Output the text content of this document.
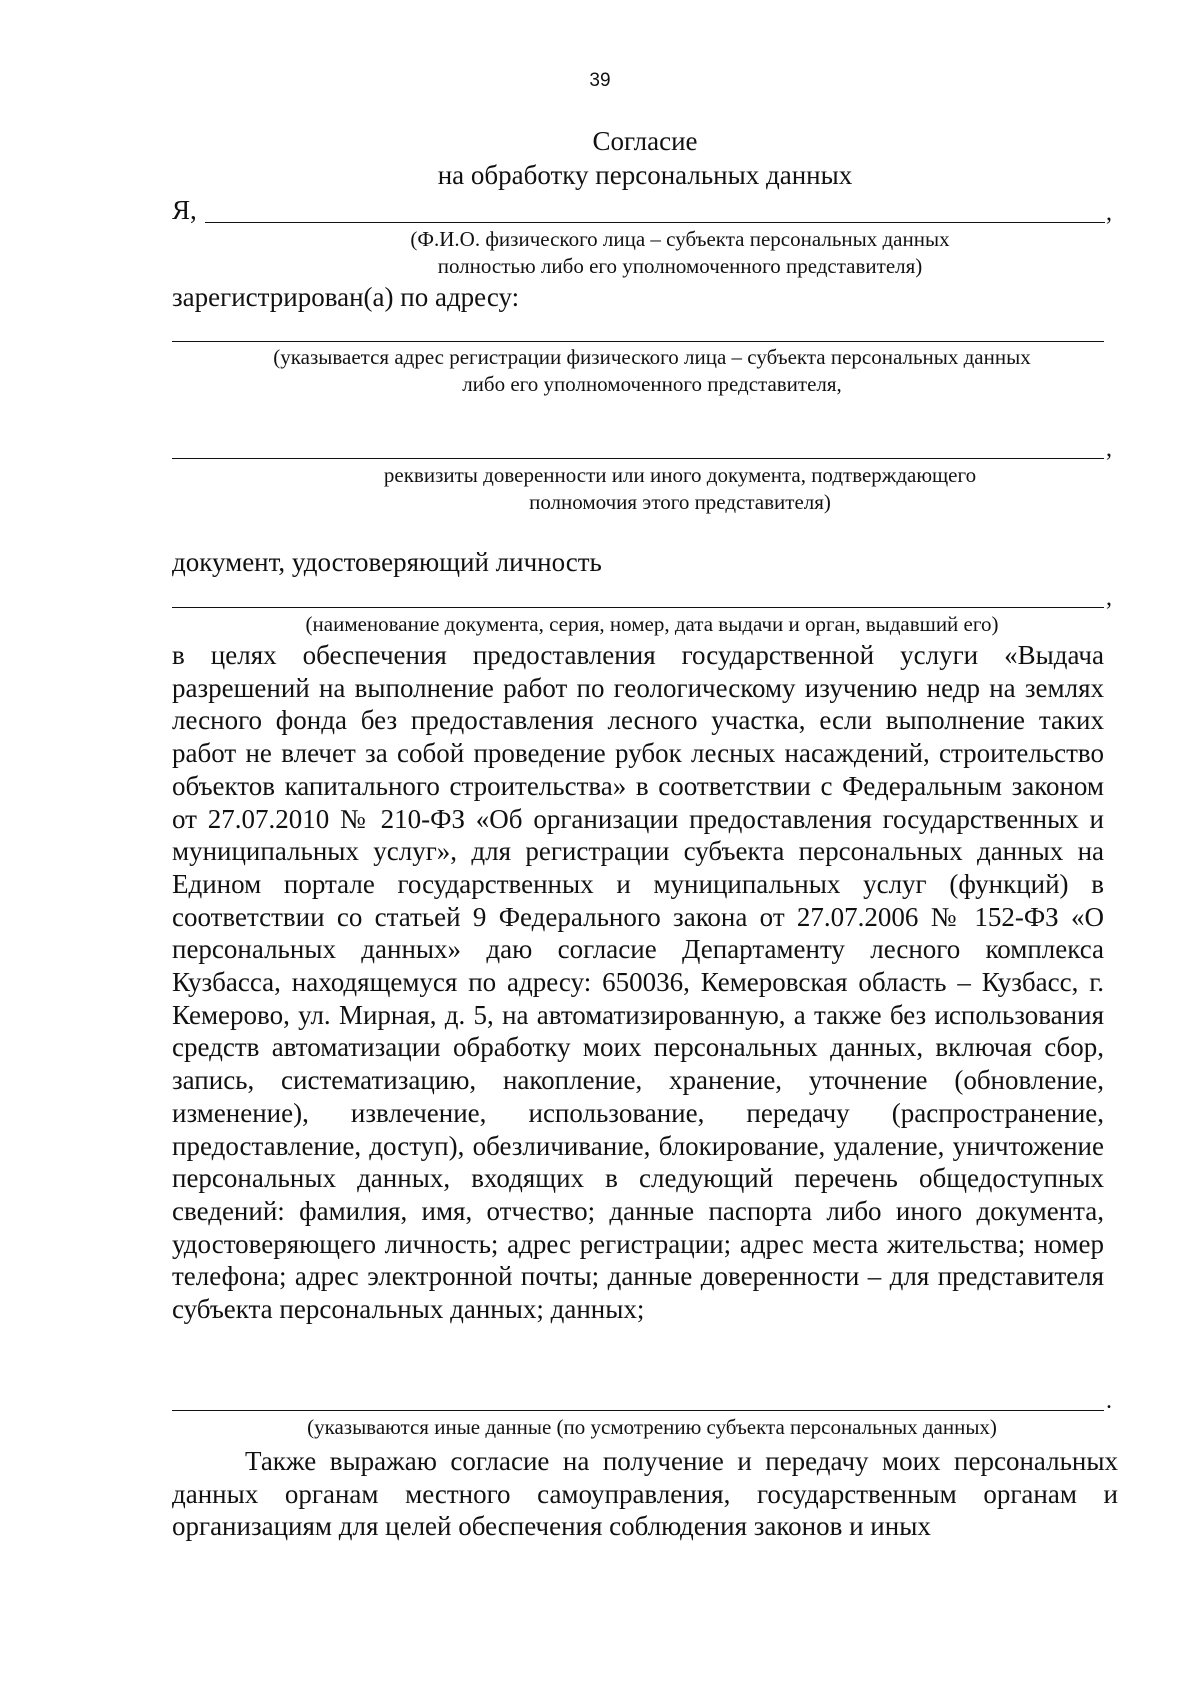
39
Согласие
на обработку персональных данных
Я,	,
(Ф.И.О. физического лица – субъекта персональных данных
полностью либо его уполномоченного представителя)
зарегистрирован(а) по адресу:
(указывается адрес регистрации физического лица – субъекта персональных данных
либо его уполномоченного представителя,
,
реквизиты доверенности или иного документа, подтверждающего
полномочия этого представителя)
документ, удостоверяющий личность
,
(наименование документа, серия, номер, дата выдачи и орган, выдавший его)

в целях обеспечения предоставления государственной услуги «Выдача разрешений на выполнение работ по геологическому изучению недр на землях лесного фонда без предоставления лесного участка, если выполнение таких работ не влечет за собой проведение рубок лесных насаждений, строительство объектов капитального строительства» в соответствии с Федеральным законом от 27.07.2010 № 210-ФЗ «Об организации предоставления государственных и муниципальных услуг», для регистрации субъекта персональных данных на Едином портале государственных и муниципальных услуг (функций) в соответствии со статьей 9 Федерального закона от 27.07.2006 № 152-ФЗ «О персональных данных» даю согласие Департаменту лесного комплекса Кузбасса, находящемуся по адресу: 650036, Кемеровская область – Кузбасс, г. Кемерово, ул. Мирная, д. 5, на автоматизированную, а также без использования средств автоматизации обработку моих персональных данных, включая сбор, запись, систематизацию, накопление, хранение, уточнение (обновление, изменение), извлечение, использование, передачу (распространение, предоставление, доступ), обезличивание, блокирование, удаление, уничтожение персональных данных, входящих в следующий перечень общедоступных сведений: фамилия, имя, отчество; данные паспорта либо иного документа, удостоверяющего личность; адрес регистрации; адрес места жительства; номер телефона; адрес электронной почты; данные доверенности – для представителя субъекта персональных данных; данных;

.
(указываются иные данные (по усмотрению субъекта персональных данных)

Также выражаю согласие на получение и передачу моих персональных данных органам местного самоуправления, государственным органам и организациям для целей обеспечения соблюдения законов и иных
